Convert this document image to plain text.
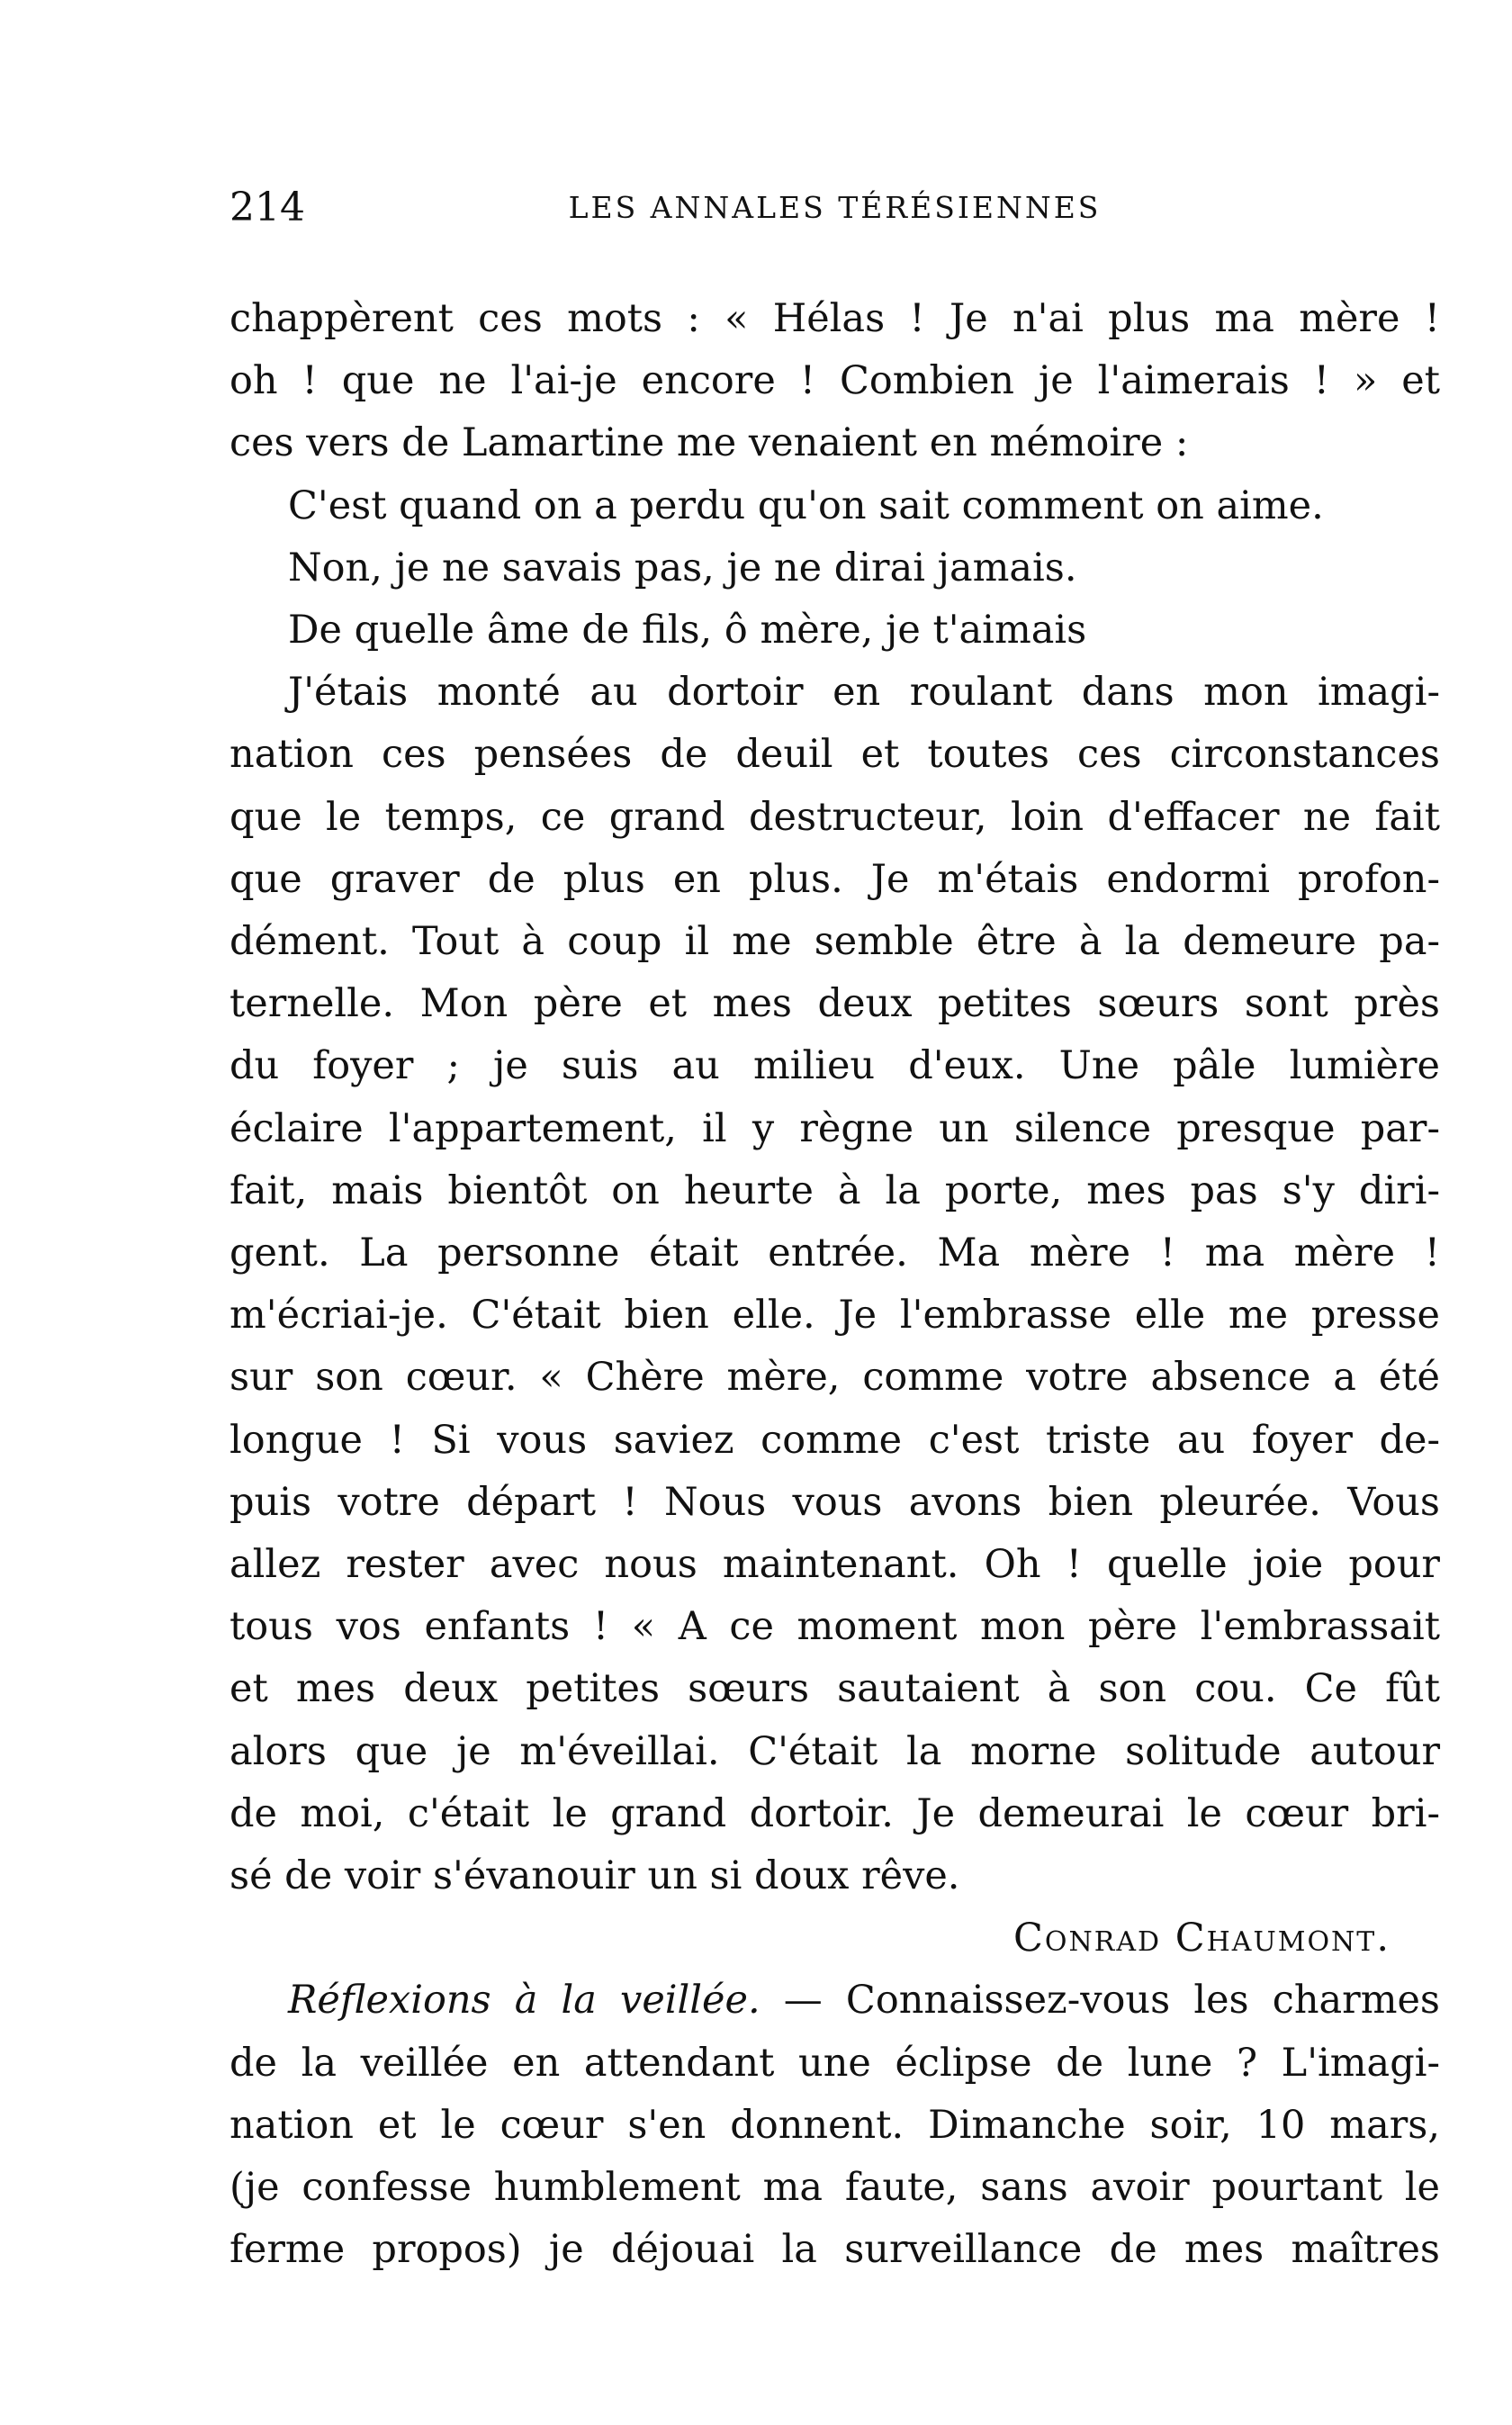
214	LES ANNALES TÉRÉSIENNES
chappèrent ces mots : « Hélas ! Je n'ai plus ma mère !
oh ! que ne l'ai-je encore ! Combien je l'aimerais ! » et
ces vers de Lamartine me venaient en mémoire :
C'est quand on a perdu qu'on sait comment on aime.
Non, je ne savais pas, je ne dirai jamais.
De quelle âme de fils, ô mère, je t'aimais
J'étais monté au dortoir en roulant dans mon imagi-
nation ces pensées de deuil et toutes ces circonstances
que le temps, ce grand destructeur, loin d'effacer ne fait
que graver de plus en plus. Je m'étais endormi profon-
dément. Tout à coup il me semble être à la demeure pa-
ternelle. Mon père et mes deux petites sœurs sont près
du foyer ; je suis au milieu d'eux. Une pâle lumière
éclaire l'appartement, il y règne un silence presque par-
fait, mais bientôt on heurte à la porte, mes pas s'y diri-
gent. La personne était entrée. Ma mère ! ma mère !
m'écriai-je. C'était bien elle. Je l'embrasse elle me presse
sur son cœur. « Chère mère, comme votre absence a été
longue ! Si vous saviez comme c'est triste au foyer de-
puis votre départ ! Nous vous avons bien pleurée. Vous
allez rester avec nous maintenant. Oh ! quelle joie pour
tous vos enfants ! « A ce moment mon père l'embrassait
et mes deux petites sœurs sautaient à son cou. Ce fût
alors que je m'éveillai. C'était la morne solitude autour
de moi, c'était le grand dortoir. Je demeurai le cœur bri-
sé de voir s'évanouir un si doux rêve.
Conrad Chaumont.
Réflexions à la veillée. — Connaissez-vous les charmes
de la veillée en attendant une éclipse de lune ? L'imagi-
nation et le cœur s'en donnent. Dimanche soir, 10 mars,
(je confesse humblement ma faute, sans avoir pourtant le
ferme propos) je déjouai la surveillance de mes maîtres
